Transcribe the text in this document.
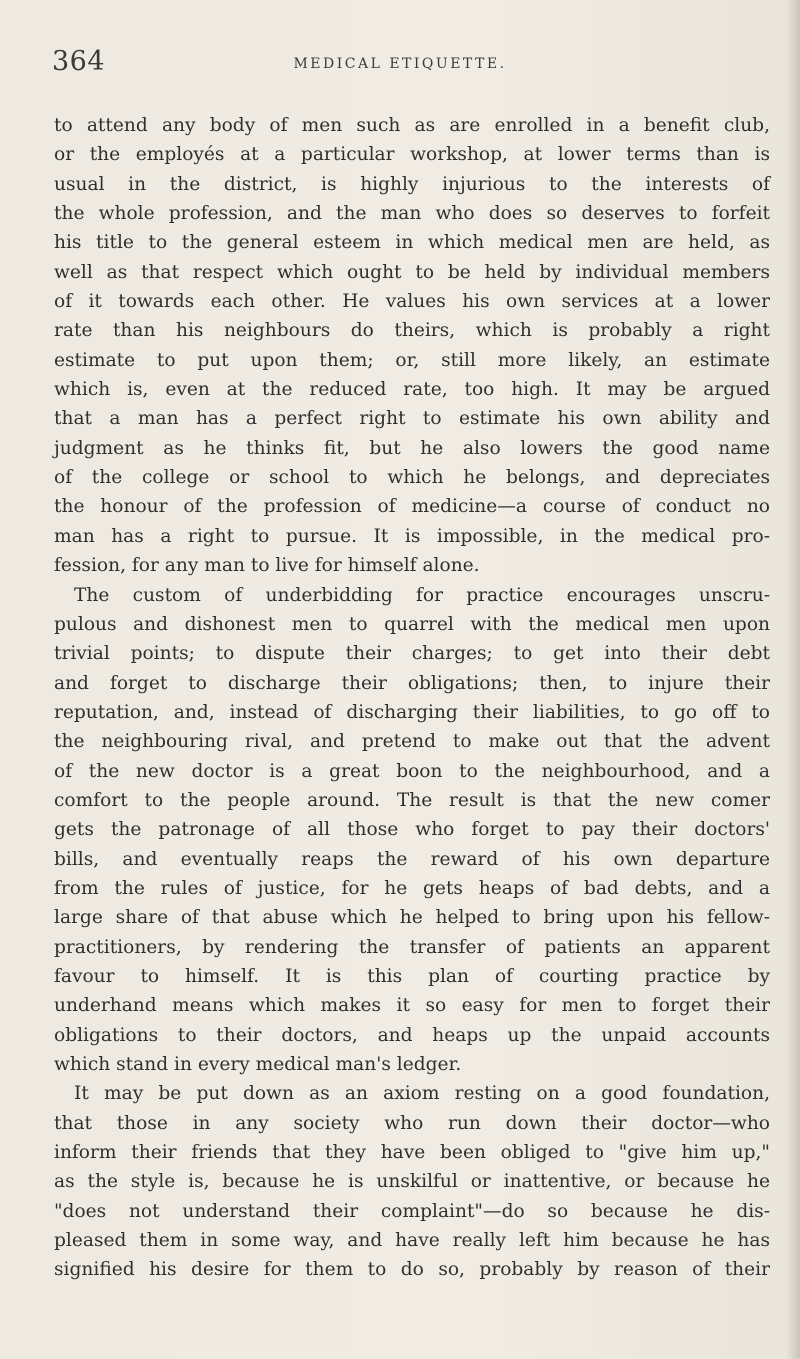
364	MEDICAL ETIQUETTE.
to attend any body of men such as are enrolled in a benefit club,
or the employés at a particular workshop, at lower terms than is
usual in the district, is highly injurious to the interests of
the whole profession, and the man who does so deserves to forfeit
his title to the general esteem in which medical men are held, as
well as that respect which ought to be held by individual members
of it towards each other. He values his own services at a lower
rate than his neighbours do theirs, which is probably a right
estimate to put upon them; or, still more likely, an estimate
which is, even at the reduced rate, too high. It may be argued
that a man has a perfect right to estimate his own ability and
judgment as he thinks fit, but he also lowers the good name
of the college or school to which he belongs, and depreciates
the honour of the profession of medicine—a course of conduct no
man has a right to pursue. It is impossible, in the medical pro-
fession, for any man to live for himself alone.
The custom of underbidding for practice encourages unscru-
pulous and dishonest men to quarrel with the medical men upon
trivial points; to dispute their charges; to get into their debt
and forget to discharge their obligations; then, to injure their
reputation, and, instead of discharging their liabilities, to go off to
the neighbouring rival, and pretend to make out that the advent
of the new doctor is a great boon to the neighbourhood, and a
comfort to the people around. The result is that the new comer
gets the patronage of all those who forget to pay their doctors'
bills, and eventually reaps the reward of his own departure
from the rules of justice, for he gets heaps of bad debts, and a
large share of that abuse which he helped to bring upon his fellow-
practitioners, by rendering the transfer of patients an apparent
favour to himself. It is this plan of courting practice by
underhand means which makes it so easy for men to forget their
obligations to their doctors, and heaps up the unpaid accounts
which stand in every medical man's ledger.
It may be put down as an axiom resting on a good foundation,
that those in any society who run down their doctor—who
inform their friends that they have been obliged to "give him up,"
as the style is, because he is unskilful or inattentive, or because he
"does not understand their complaint"—do so because he dis-
pleased them in some way, and have really left him because he has
signified his desire for them to do so, probably by reason of their
